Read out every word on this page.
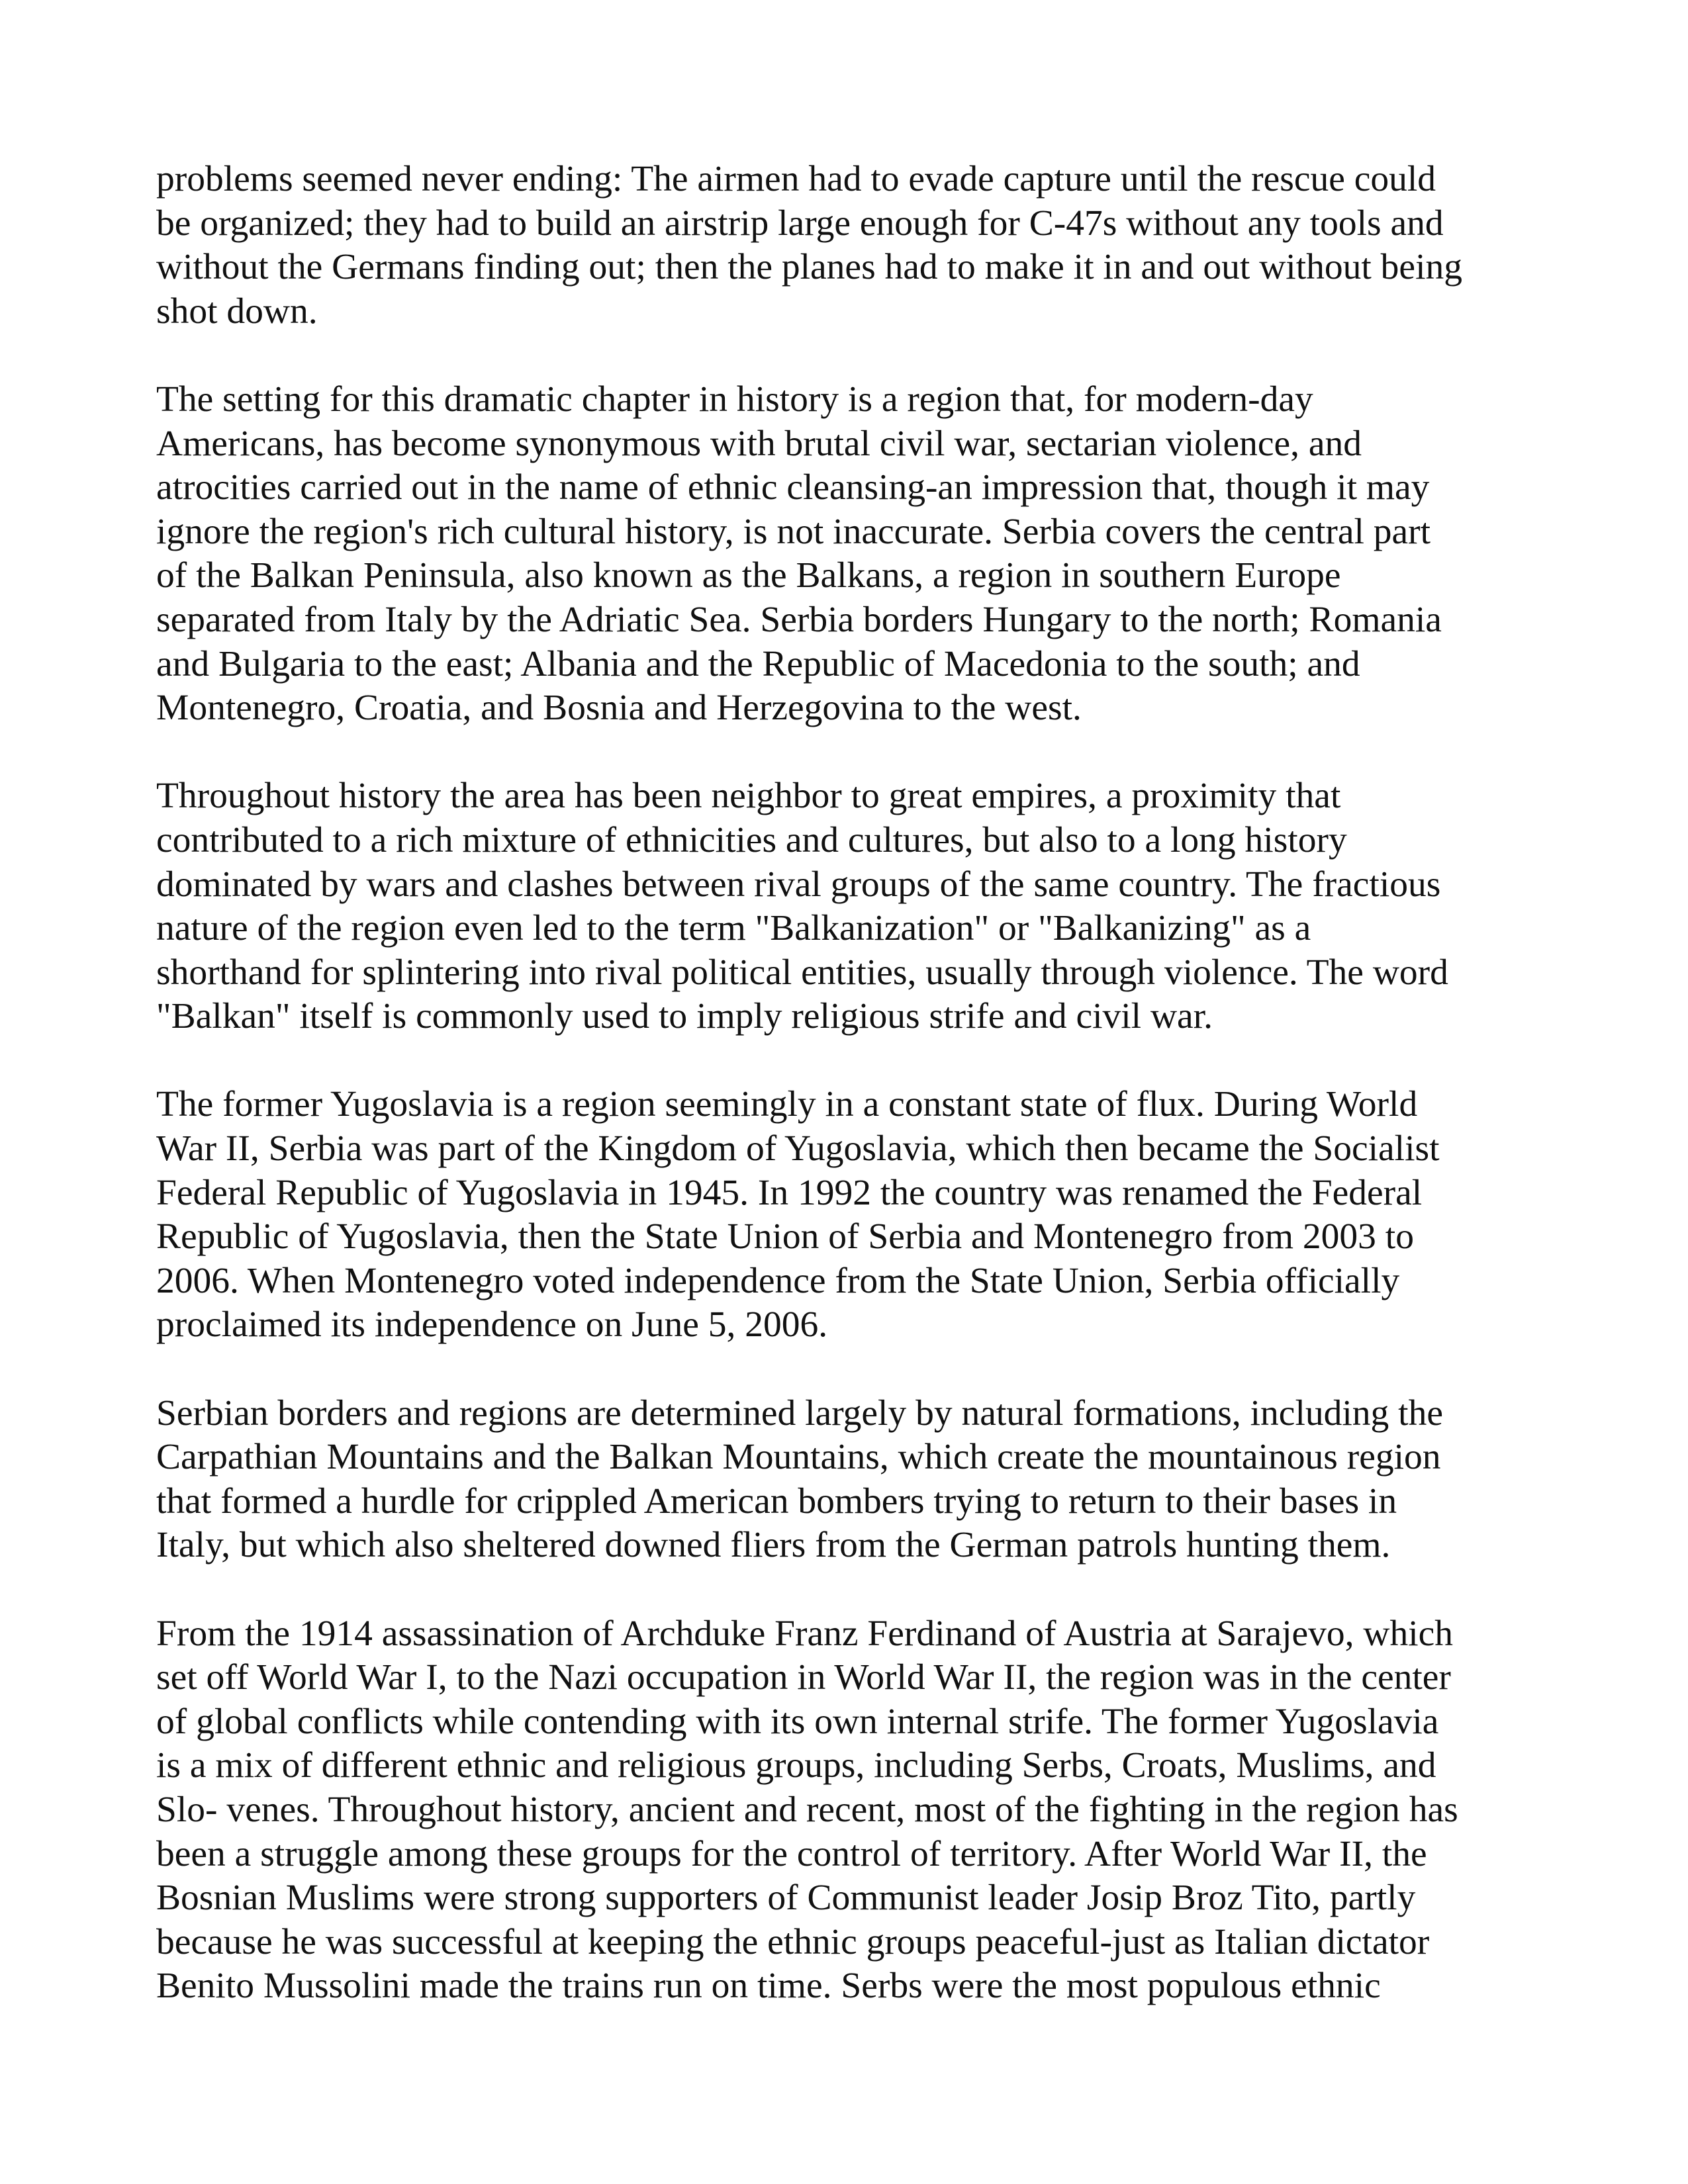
problems seemed never ending: The airmen had to evade capture until the rescue could
be organized; they had to build an airstrip large enough for C-47s without any tools and
without the Germans finding out; then the planes had to make it in and out without being
shot down.

The setting for this dramatic chapter in history is a region that, for modern-day
Americans, has become synonymous with brutal civil war, sectarian violence, and
atrocities carried out in the name of ethnic cleansing-an impression that, though it may
ignore the region's rich cultural history, is not inaccurate. Serbia covers the central part
of the Balkan Peninsula, also known as the Balkans, a region in southern Europe
separated from Italy by the Adriatic Sea. Serbia borders Hungary to the north; Romania
and Bulgaria to the east; Albania and the Republic of Macedonia to the south; and
Montenegro, Croatia, and Bosnia and Herzegovina to the west.

Throughout history the area has been neighbor to great empires, a proximity that
contributed to a rich mixture of ethnicities and cultures, but also to a long history
dominated by wars and clashes between rival groups of the same country. The fractious
nature of the region even led to the term "Balkanization" or "Balkanizing" as a
shorthand for splintering into rival political entities, usually through violence. The word
"Balkan" itself is commonly used to imply religious strife and civil war.

The former Yugoslavia is a region seemingly in a constant state of flux. During World
War II, Serbia was part of the Kingdom of Yugoslavia, which then became the Socialist
Federal Republic of Yugoslavia in 1945. In 1992 the country was renamed the Federal
Republic of Yugoslavia, then the State Union of Serbia and Montenegro from 2003 to
2006. When Montenegro voted independence from the State Union, Serbia officially
proclaimed its independence on June 5, 2006.

Serbian borders and regions are determined largely by natural formations, including the
Carpathian Mountains and the Balkan Mountains, which create the mountainous region
that formed a hurdle for crippled American bombers trying to return to their bases in
Italy, but which also sheltered downed fliers from the German patrols hunting them.

From the 1914 assassination of Archduke Franz Ferdinand of Austria at Sarajevo, which
set off World War I, to the Nazi occupation in World War II, the region was in the center
of global conflicts while contending with its own internal strife. The former Yugoslavia
is a mix of different ethnic and religious groups, including Serbs, Croats, Muslims, and
Slo- venes. Throughout history, ancient and recent, most of the fighting in the region has
been a struggle among these groups for the control of territory. After World War II, the
Bosnian Muslims were strong supporters of Communist leader Josip Broz Tito, partly
because he was successful at keeping the ethnic groups peaceful-just as Italian dictator
Benito Mussolini made the trains run on time. Serbs were the most populous ethnic
